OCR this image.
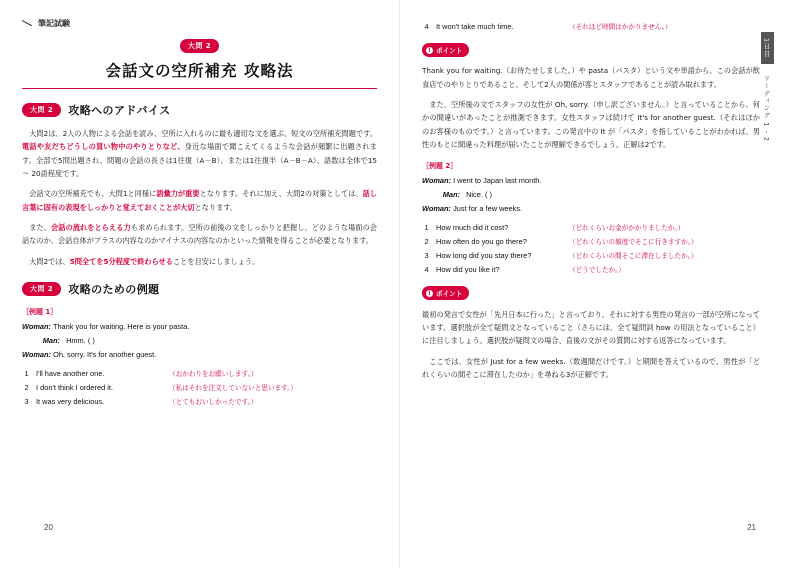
筆記試験
大問 2
会話文の空所補充 攻略法
大問 2	攻略へのアドバイス

大問2は、2人の人物による会話を読み、空所に入れるのに最も適切な文を選ぶ、短文の空所補充問題です。電話や友だちどうしの買い物中のやりとりなど、身近な場面で聞こえてくるような会話が頻繁に出題されます。全部で5問出題され、問題の会話の長さは1往復（A－B）、または1往復半（A－B－A）、語数は全体で15 ～ 20語程度です。

会話文の空所補充でも、大問1と同様に語彙力が重要となります。それに加え、大問2の対策としては、話し言葉に固有の表現をしっかりと覚えておくことが大切となります。

また、会話の流れをとらえる力も求められます。空所の前後の文をしっかりと把握し、どのような場面の会話なのか、会話自体がプラスの内容なのかマイナスの内容なのかといった情報を得ることが必要となります。

大問2では、5問全てを5分程度で終わらせることを目安にしましょう。

大問 2	攻略のための例題
［例題 1］
Woman: Thank you for waiting. Here is your pasta.
Man: Hmm. ( )
Woman: Oh, sorry. It's for another guest.
1	I'll have another one.	（おかわりをお願いします。）
2	I don't think I ordered it.	（私はそれを注文していないと思います。）
3	It was very delicious.	（とてもおいしかったです。）
20
4	It won't take much time.	（それほど時間はかかりません。）
! ポイント

Thank you for waiting.（お待たせしました。）や pasta（パスタ）という文や単語から、この会話が飲食店でのやりとりであること、そして2人の関係が客とスタッフであることが読み取れます。

また、空所後の文でスタッフの女性が Oh, sorry.（申し訳ございません。）と言っていることから、何かの間違いがあったことが推測できます。女性スタッフは続けて It's for another guest.（それはほかのお客様のものです。）と言っています。この発言中の It が「パスタ」を指していることがわかれば、男性のもとに間違った料理が届いたことが理解できるでしょう。正解は2です。

［例題 2］
Woman: I went to Japan last month.
Man: Nice. ( )
Woman: Just for a few weeks.
1	How much did it cost?	（どれくらいお金がかかりましたか。）
2	How often do you go there?	（どれくらいの頻度でそこに行きますか。）
3	How long did you stay there?	（どれくらいの間そこに滞在しましたか。）
4	How did you like it?	（どうでしたか。）
! ポイント

最初の発言で女性が「先月日本に行った」と言っており、それに対する男性の発言の一部が空所になっています。選択肢が全て疑問文となっていること（さらには、全て疑問詞 how の用法となっていること）に注目しましょう。選択肢が疑問文の場合、直後の文がその質問に対する返答になっています。

ここでは、女性が Just for a few weeks.（数週間だけです。）と期間を答えているので、男性が「どれくらいの間そこに滞在したのか」を尋ねる3が正解です。

1日目 リーディング 1 - 2
21
